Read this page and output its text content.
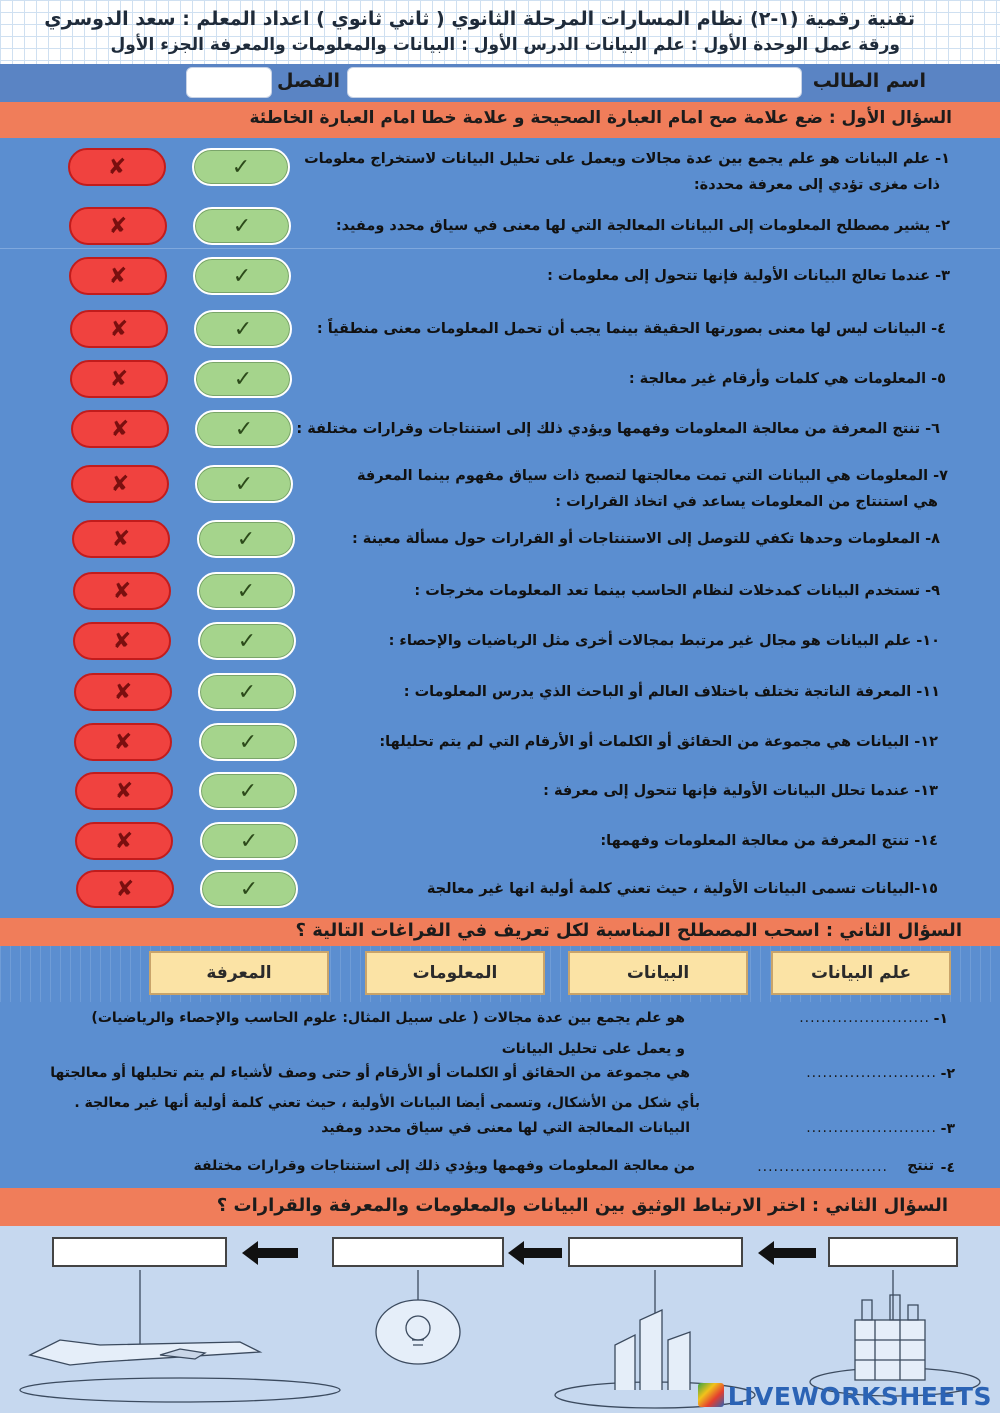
تقنية رقمية (١-٢) نظام المسارات المرحلة الثانوي ( ثاني ثانوي ) اعداد المعلم : سعد الدوسري
ورقة عمل الوحدة الأول : علم البيانات الدرس الأول : البيانات والمعلومات والمعرفة الجزء الأول
اسم الطالب
الفصل
السؤال الأول : ضع علامة صح امام العبارة الصحيحة و علامة خطا امام العبارة الخاطئة
١- علم البيانات هو علم يجمع بين عدة مجالات ويعمل على تحليل البيانات لاستخراج معلومات
ذات مغزى تؤدي إلى معرفة محددة:
✓
✘
٢- يشير مصطلح المعلومات إلى البيانات المعالجة التي لها معنى في سياق محدد ومفيد:
✓
✘
٣- عندما تعالج البيانات الأولية فإنها تتحول إلى معلومات :
✓
✘
٤- البيانات ليس لها معنى بصورتها الحقيقة بينما يجب أن تحمل المعلومات معنى منطقياً :
✓
✘
٥- المعلومات هي كلمات وأرقام غير معالجة :
✓
✘
٦- تنتج المعرفة من معالجة المعلومات وفهمها ويؤدي ذلك إلى استنتاجات وقرارات مختلفة :
✓
✘
٧- المعلومات هي البيانات التي تمت معالجتها لتصبح ذات سياق مفهوم بينما المعرفة
هي استنتاج من المعلومات يساعد في اتخاذ القرارات :
✓
✘
٨- المعلومات وحدها تكفي للتوصل إلى الاستنتاجات أو القرارات حول مسألة معينة :
✓
✘
٩- تستخدم البيانات كمدخلات لنظام الحاسب بينما تعد المعلومات مخرجات :
✓
✘
١٠- علم البيانات هو مجال غير مرتبط بمجالات أخرى مثل الرياضيات والإحصاء :
✓
✘
١١- المعرفة الناتجة تختلف باختلاف العالم أو الباحث الذي يدرس المعلومات :
✓
✘
١٢- البيانات هي مجموعة من الحقائق أو الكلمات أو الأرقام التي لم يتم تحليلها:
✓
✘
١٣- عندما تحلل البيانات الأولية فإنها تتحول إلى معرفة :
✓
✘
١٤- تنتج المعرفة من معالجة المعلومات وفهمها:
✓
✘
١٥-البيانات تسمى البيانات الأولية ، حيث تعني كلمة أولية انها غير معالجة
✓
✘
السؤال الثاني : اسحب المصطلح المناسبة لكل تعريف في الفراغات التالية ؟
علم البيانات
البيانات
المعلومات
المعرفة
١-
........................
هو علم يجمع بين عدة مجالات ( على سبيل المثال: علوم الحاسب والإحصاء والرياضيات)
و يعمل على تحليل البيانات
٢-
........................
هي مجموعة من الحقائق أو الكلمات أو الأرقام أو حتى وصف لأشياء لم يتم تحليلها أو معالجتها
بأي شكل من الأشكال، وتسمى أيضا البيانات الأولية ، حيث تعني كلمة أولية أنها غير معالجة .
٣-
........................
البيانات المعالجة التي لها معنى في سياق محدد ومفيد
٤-
تنتج
........................
من معالجة المعلومات وفهمها ويؤدي ذلك إلى استنتاجات وقرارات مختلفة
السؤال الثاني : اختر الارتباط الوثيق بين البيانات والمعلومات والمعرفة والقرارات ؟
LIVEWORKSHEETS
